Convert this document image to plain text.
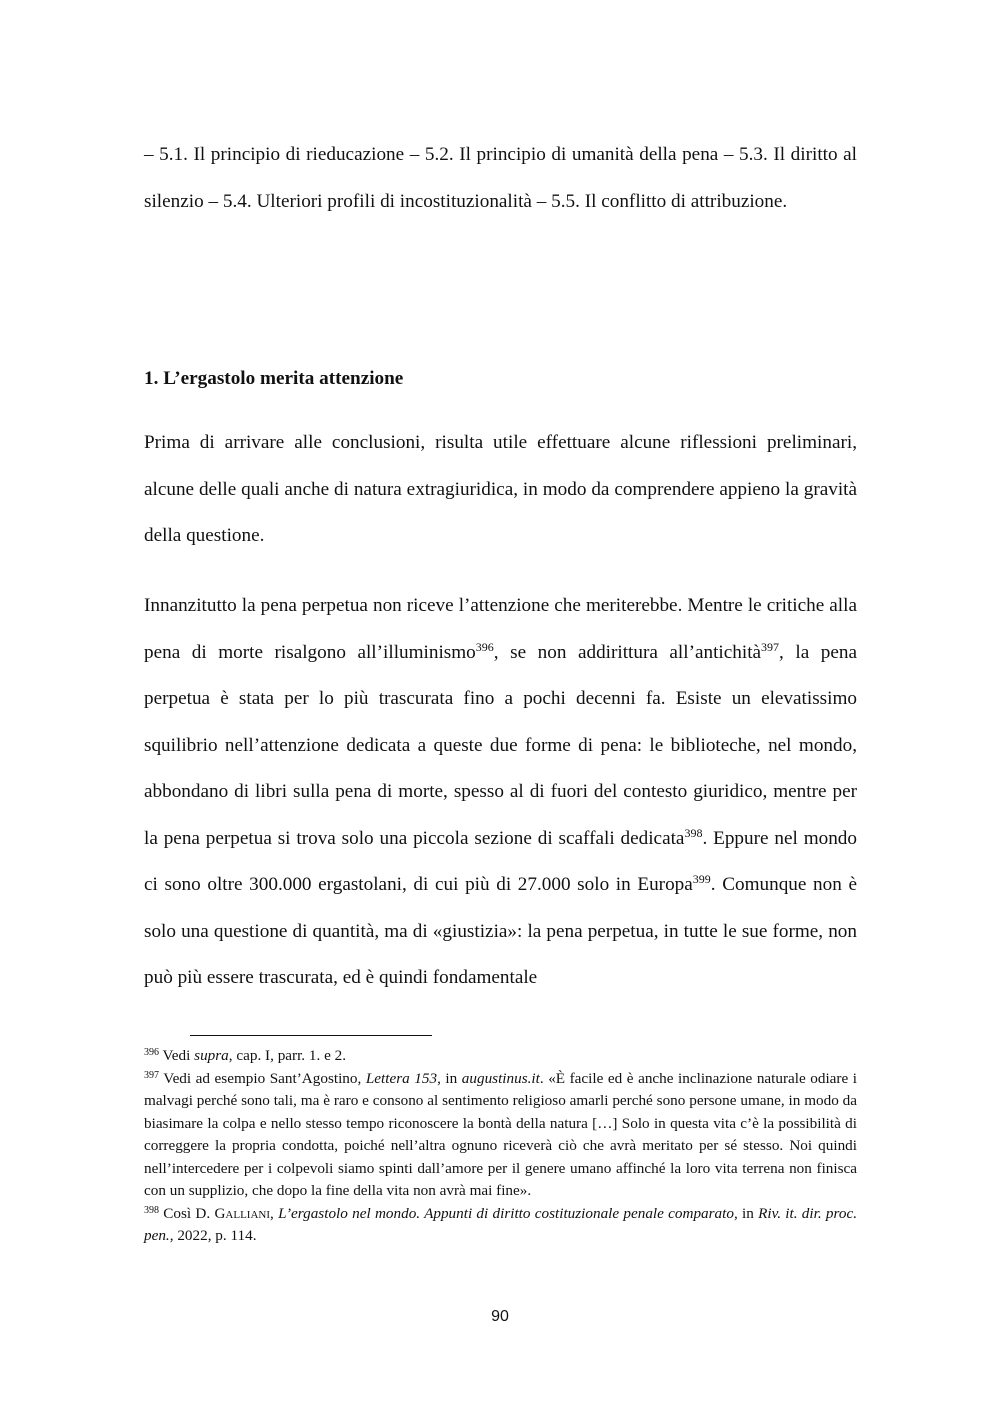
– 5.1. Il principio di rieducazione – 5.2. Il principio di umanità della pena – 5.3. Il diritto al silenzio – 5.4. Ulteriori profili di incostituzionalità – 5.5. Il conflitto di attribuzione.

1. L’ergastolo merita attenzione

Prima di arrivare alle conclusioni, risulta utile effettuare alcune riflessioni preliminari, alcune delle quali anche di natura extragiuridica, in modo da comprendere appieno la gravità della questione.

Innanzitutto la pena perpetua non riceve l’attenzione che meriterebbe. Mentre le critiche alla pena di morte risalgono all’illuminismo$^{396}$, se non addirittura all’antichità$^{397}$, la pena perpetua è stata per lo più trascurata fino a pochi decenni fa. Esiste un elevatissimo squilibrio nell’attenzione dedicata a queste due forme di pena: le biblioteche, nel mondo, abbondano di libri sulla pena di morte, spesso al di fuori del contesto giuridico, mentre per la pena perpetua si trova solo una piccola sezione di scaffali dedicata$^{398}$. Eppure nel mondo ci sono oltre 300.000 ergastolani, di cui più di 27.000 solo in Europa$^{399}$. Comunque non è solo una questione di quantità, ma di «giustizia»: la pena perpetua, in tutte le sue forme, non può più essere trascurata, ed è quindi fondamentale

$^{396}$ Vedi supra, cap. I, parr. 1. e 2.

$^{397}$ Vedi ad esempio Sant’Agostino, Lettera 153, in augustinus.it. «È facile ed è anche inclinazione naturale odiare i malvagi perché sono tali, ma è raro e consono al sentimento religioso amarli perché sono persone umane, in modo da biasimare la colpa e nello stesso tempo riconoscere la bontà della natura […] Solo in questa vita c’è la possibilità di correggere la propria condotta, poiché nell’altra ognuno riceverà ciò che avrà meritato per sé stesso. Noi quindi nell’intercedere per i colpevoli siamo spinti dall’amore per il genere umano affinché la loro vita terrena non finisca con un supplizio, che dopo la fine della vita non avrà mai fine».

$^{398}$ Così D. Galliani, L’ergastolo nel mondo. Appunti di diritto costituzionale penale comparato, in Riv. it. dir. proc. pen., 2022, p. 114.

90
